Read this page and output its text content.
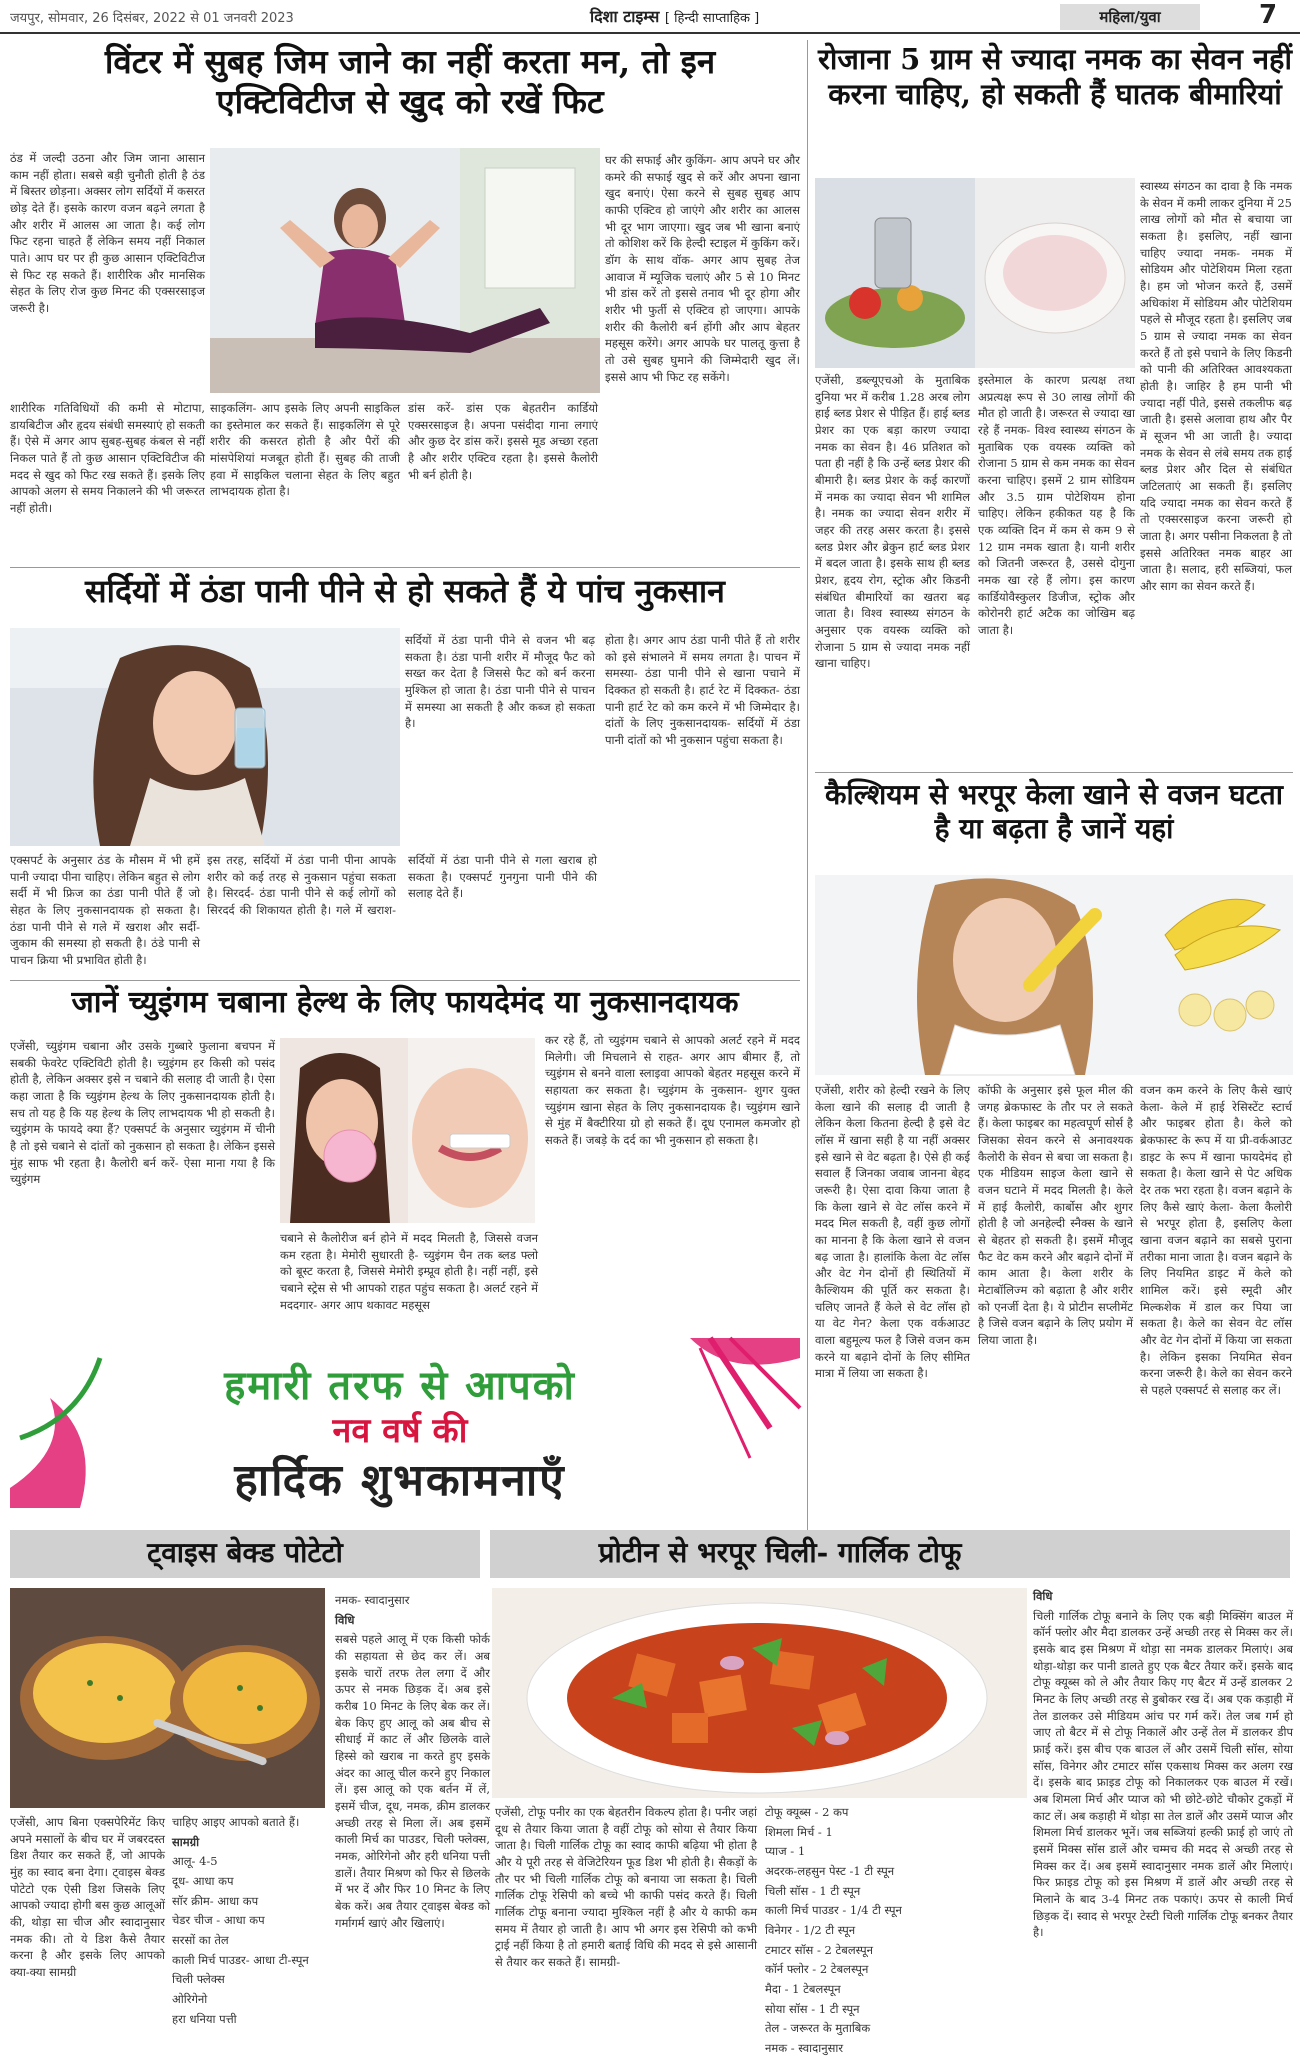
जयपुर, सोमवार, 26 दिसंबर, 2022 से 01 जनवरी 2023	दिशा टाइम्स [ हिन्दी साप्ताहिक ]	महिला/युवा	7
विंटर में सुबह जिम जाने का नहीं करता मन, तो इन एक्टिविटीज से खुद को रखें फिट

ठंड में जल्दी उठना और जिम जाना आसान काम नहीं होता। सबसे बड़ी चुनौती होती है ठंड में बिस्तर छोड़ना। अक्सर लोग सर्दियों में कसरत छोड़ देते हैं। इसके कारण वजन बढ़ने लगता है और शरीर में आलस आ जाता है। कई लोग फिट रहना चाहते हैं लेकिन समय नहीं निकाल पाते। आप घर पर ही कुछ आसान एक्टिविटीज से फिट रह सकते हैं। शारीरिक और मानसिक सेहत के लिए रोज कुछ मिनट की एक्सरसाइज जरूरी है।

घर की सफाई और कुकिंग- आप अपने घर और कमरे की सफाई खुद से करें और अपना खाना खुद बनाएं। ऐसा करने से सुबह सुबह आप काफी एक्टिव हो जाएंगे और शरीर का आलस भी दूर भाग जाएगा। खुद जब भी खाना बनाएं तो कोशिश करें कि हेल्दी स्टाइल में कुकिंग करें। डॉग के साथ वॉक- अगर आप सुबह तेज आवाज में म्यूजिक चलाएं और 5 से 10 मिनट भी डांस करें तो इससे तनाव भी दूर होगा और शरीर भी फुर्ती से एक्टिव हो जाएगा। आपके शरीर की कैलोरी बर्न होंगी और आप बेहतर महसूस करेंगे। अगर आपके घर पालतू कुत्ता है तो उसे सुबह घुमाने की जिम्मेदारी खुद लें। इससे आप भी फिट रह सकेंगे।

शारीरिक गतिविधियों की कमी से मोटापा, डायबिटीज और हृदय संबंधी समस्याएं हो सकती हैं। ऐसे में अगर आप सुबह-सुबह कंबल से नहीं निकल पाते हैं तो कुछ आसान एक्टिविटीज की मदद से खुद को फिट रख सकते हैं। इसके लिए आपको अलग से समय निकालने की भी जरूरत नहीं होती।

साइकलिंग- आप इसके लिए अपनी साइकिल का इस्तेमाल कर सकते हैं। साइकलिंग से पूरे शरीर की कसरत होती है और पैरों की मांसपेशियां मजबूत होती हैं। सुबह की ताजी हवा में साइकिल चलाना सेहत के लिए बहुत लाभदायक होता है।

डांस करें- डांस एक बेहतरीन कार्डियो एक्सरसाइज है। अपना पसंदीदा गाना लगाएं और कुछ देर डांस करें। इससे मूड अच्छा रहता है और शरीर एक्टिव रहता है। इससे कैलोरी भी बर्न होती है।

सर्दियों में ठंडा पानी पीने से हो सकते हैं ये पांच नुकसान

सर्दियों में ठंडा पानी पीने से वजन भी बढ़ सकता है। ठंडा पानी शरीर में मौजूद फैट को सख्त कर देता है जिससे फैट को बर्न करना मुश्किल हो जाता है। ठंडा पानी पीने से पाचन में समस्या आ सकती है और कब्ज हो सकता है।

होता है। अगर आप ठंडा पानी पीते हैं तो शरीर को इसे संभालने में समय लगता है। पाचन में समस्या- ठंडा पानी पीने से खाना पचाने में दिक्कत हो सकती है। हार्ट रेट में दिक्कत- ठंडा पानी हार्ट रेट को कम करने में भी जिम्मेदार है। दांतों के लिए नुकसानदायक- सर्दियों में ठंडा पानी दांतों को भी नुकसान पहुंचा सकता है।

एक्सपर्ट के अनुसार ठंड के मौसम में भी हमें पानी ज्यादा पीना चाहिए। लेकिन बहुत से लोग सर्दी में भी फ्रिज का ठंडा पानी पीते हैं जो सेहत के लिए नुकसानदायक हो सकता है। ठंडा पानी पीने से गले में खराश और सर्दी-जुकाम की समस्या हो सकती है। ठंडे पानी से पाचन क्रिया भी प्रभावित होती है।

इस तरह, सर्दियों में ठंडा पानी पीना आपके शरीर को कई तरह से नुकसान पहुंचा सकता है। सिरदर्द- ठंडा पानी पीने से कई लोगों को सिरदर्द की शिकायत होती है। गले में खराश- सर्दियों में ठंडा पानी पीने से गला खराब हो सकता है। एक्सपर्ट गुनगुना पानी पीने की सलाह देते हैं।

जानें च्युइंगम चबाना हेल्थ के लिए फायदेमंद या नुकसानदायक

एजेंसी, च्युइंगम चबाना और उसके गुब्बारे फुलाना बचपन में सबकी फेवरेट एक्टिविटी होती है। च्युइंगम हर किसी को पसंद होती है, लेकिन अक्सर इसे न चबाने की सलाह दी जाती है। ऐसा कहा जाता है कि च्युइंगम हेल्थ के लिए नुकसानदायक होती है। सच तो यह है कि यह हेल्थ के लिए लाभदायक भी हो सकती है। च्युइंगम के फायदे क्या हैं? एक्सपर्ट के अनुसार च्युइंगम में चीनी है तो इसे चबाने से दांतों को नुकसान हो सकता है। लेकिन इससे मुंह साफ भी रहता है। कैलोरी बर्न करें- ऐसा माना गया है कि च्युइंगम

कर रहे हैं, तो च्युइंगम चबाने से आपको अलर्ट रहने में मदद मिलेगी। जी मिचलाने से राहत- अगर आप बीमार हैं, तो च्युइंगम से बनने वाला स्लाइवा आपको बेहतर महसूस करने में सहायता कर सकता है। च्युइंगम के नुकसान- शुगर युक्त च्युइंगम खाना सेहत के लिए नुकसानदायक है। च्युइंगम खाने से मुंह में बैक्टीरिया ग्रो हो सकते हैं। दूध एनामल कमजोर हो सकते हैं। जबड़े के दर्द का भी नुकसान हो सकता है।

चबाने से कैलोरीज बर्न होने में मदद मिलती है, जिससे वजन कम रहता है। मेमोरी सुधारती है- च्युइंगम चैन तक ब्लड फ्लो को बूस्ट करता है, जिससे मेमोरी इम्प्रूव होती है। नहीं नहीं, इसे चबाने स्ट्रेस से भी आपको राहत पहुंच सकता है। अलर्ट रहने में मददगार- अगर आप थकावट महसूस

हमारी तरफ से आपको
नव वर्ष की
हार्दिक शुभकामनाएँ
रोजाना 5 ग्राम से ज्यादा नमक का सेवन नहीं करना चाहिए, हो सकती हैं घातक बीमारियां

स्वास्थ्य संगठन का दावा है कि नमक के सेवन में कमी लाकर दुनिया में 25 लाख लोगों को मौत से बचाया जा सकता है। इसलिए, नहीं खाना चाहिए ज्यादा नमक- नमक में सोडियम और पोटेशियम मिला रहता है। हम जो भोजन करते हैं, उसमें अधिकांश में सोडियम और पोटेशियम पहले से मौजूद रहता है। इसलिए जब 5 ग्राम से ज्यादा नमक का सेवन करते हैं तो इसे पचाने के लिए किडनी को पानी की अतिरिक्त आवश्यकता होती है। जाहिर है हम पानी भी ज्यादा नहीं पीते, इससे तकलीफ बढ़ जाती है। इससे अलावा हाथ और पैर में सूजन भी आ जाती है। ज्यादा नमक के सेवन से लंबे समय तक हाई ब्लड प्रेशर और दिल से संबंधित जटिलताएं आ सकती हैं। इसलिए यदि ज्यादा नमक का सेवन करते हैं तो एक्सरसाइज करना जरूरी हो जाता है। अगर पसीना निकलता है तो इससे अतिरिक्त नमक बाहर आ जाता है। सलाद, हरी सब्जियां, फल और साग का सेवन करते हैं।

एजेंसी, डब्ल्यूएचओ के मुताबिक दुनिया भर में करीब 1.28 अरब लोग हाई ब्लड प्रेशर से पीड़ित हैं। हाई ब्लड प्रेशर का एक बड़ा कारण ज्यादा नमक का सेवन है। 46 प्रतिशत को पता ही नहीं है कि उन्हें ब्लड प्रेशर की बीमारी है। ब्लड प्रेशर के कई कारणों में नमक का ज्यादा सेवन भी शामिल है। नमक का ज्यादा सेवन शरीर में जहर की तरह असर करता है। इससे ब्लड प्रेशर और ब्रेकुन हार्ट ब्लड प्रेशर में बदल जाता है। इसके साथ ही ब्लड प्रेशर, हृदय रोग, स्ट्रोक और किडनी संबंधित बीमारियों का खतरा बढ़ जाता है। विश्व स्वास्थ्य संगठन के अनुसार एक वयस्क व्यक्ति को रोजाना 5 ग्राम से ज्यादा नमक नहीं खाना चाहिए।

इस्तेमाल के कारण प्रत्यक्ष तथा अप्रत्यक्ष रूप से 30 लाख लोगों की मौत हो जाती है। जरूरत से ज्यादा खा रहे हैं नमक- विश्व स्वास्थ्य संगठन के मुताबिक एक वयस्क व्यक्ति को रोजाना 5 ग्राम से कम नमक का सेवन करना चाहिए। इसमें 2 ग्राम सोडियम और 3.5 ग्राम पोटेशियम होना चाहिए। लेकिन हकीकत यह है कि एक व्यक्ति दिन में कम से कम 9 से 12 ग्राम नमक खाता है। यानी शरीर को जितनी जरूरत है, उससे दोगुना नमक खा रहे हैं लोग। इस कारण कार्डियोवैस्कुलर डिजीज, स्ट्रोक और कोरोनरी हार्ट अटैक का जोखिम बढ़ जाता है।

कैल्शियम से भरपूर केला खाने से वजन घटता है या बढ़ता है जानें यहां

एजेंसी, शरीर को हेल्दी रखने के लिए केला खाने की सलाह दी जाती है लेकिन केला कितना हेल्दी है इसे वेट लॉस में खाना सही है या नहीं अक्सर इसे खाने से वेट बढ़ता है। ऐसे ही कई सवाल हैं जिनका जवाब जानना बेहद जरूरी है। ऐसा दावा किया जाता है कि केला खाने से वेट लॉस करने में मदद मिल सकती है, वहीं कुछ लोगों का मानना है कि केला खाने से वजन बढ़ जाता है। हालांकि केला वेट लॉस और वेट गेन दोनों ही स्थितियों में कैल्शियम की पूर्ति कर सकता है। चलिए जानते हैं केले से वेट लॉस हो या वेट गेन? केला एक वर्कआउट वाला बहुमूल्य फल है जिसे वजन कम करने या बढ़ाने दोनों के लिए सीमित मात्रा में लिया जा सकता है।

कॉफी के अनुसार इसे फूल मील की जगह ब्रेकफास्ट के तौर पर ले सकते हैं। केला फाइबर का महत्वपूर्ण सोर्स है जिसका सेवन करने से अनावश्यक कैलोरी के सेवन से बचा जा सकता है। एक मीडियम साइज केला खाने से वजन घटाने में मदद मिलती है। केले में हाई कैलोरी, कार्बोस और शुगर होती है जो अनहेल्दी स्नैक्स के खाने से बेहतर हो सकती है। इसमें मौजूद फैट वेट कम करने और बढ़ाने दोनों में काम आता है। केला शरीर के मेटाबॉलिज्म को बढ़ाता है और शरीर को एनर्जी देता है। ये प्रोटीन सप्लीमेंट है जिसे वजन बढ़ाने के लिए प्रयोग में लिया जाता है।

वजन कम करने के लिए कैसे खाएं केला- केले में हाई रेसिस्टेंट स्टार्च और फाइबर होता है। केले को ब्रेकफास्ट के रूप में या प्री-वर्कआउट डाइट के रूप में खाना फायदेमंद हो सकता है। केला खाने से पेट अधिक देर तक भरा रहता है। वजन बढ़ाने के लिए कैसे खाएं केला- केला कैलोरी से भरपूर होता है, इसलिए केला खाना वजन बढ़ाने का सबसे पुराना तरीका माना जाता है। वजन बढ़ाने के लिए नियमित डाइट में केले को शामिल करें। इसे स्मूदी और मिल्कशेक में डाल कर पिया जा सकता है। केले का सेवन वेट लॉस और वेट गेन दोनों में किया जा सकता है। लेकिन इसका नियमित सेवन करना जरूरी है। केले का सेवन करने से पहले एक्सपर्ट से सलाह कर लें।

ट्वाइस बेक्ड पोटेटो

नमक- स्वादानुसार

विधि

सबसे पहले आलू में एक किसी फोर्क की सहायता से छेद कर लें। अब इसके चारों तरफ तेल लगा दें और ऊपर से नमक छिड़क दें। अब इसे करीब 10 मिनट के लिए बेक कर लें। बेक किए हुए आलू को अब बीच से सीधाई में काट लें और छिलके वाले हिस्से को खराब ना करते हुए इसके अंदर का आलू चील करने हुए निकाल लें। इस आलू को एक बर्तन में लें, इसमें चीज, दूध, नमक, क्रीम डालकर अच्छी तरह से मिला लें। अब इसमें काली मिर्च का पाउडर, चिली फ्लेक्स, नमक, ओरिगेनो और हरी धनिया पत्ती डालें। तैयार मिश्रण को फिर से छिलके में भर दें और फिर 10 मिनट के लिए बेक करें। अब तैयार ट्वाइस बेक्ड को गर्मागर्म खाएं और खिलाएं।

एजेंसी, आप बिना एक्सपेरिमेंट किए अपने मसालों के बीच घर में जबरदस्त डिश तैयार कर सकते हैं, जो आपके मुंह का स्वाद बना देगा। ट्वाइस बेक्ड पोटेटो एक ऐसी डिश जिसके लिए आपको ज्यादा होगी बस कुछ आलूओं की, थोड़ा सा चीज और स्वादानुसार नमक की। तो ये डिश कैसे तैयार करना है और इसके लिए आपको क्या-क्या सामग्री

चाहिए आइए आपको बताते हैं।

सामग्री

आलू- 4-5

दूध- आधा कप

सॉर क्रीम- आधा कप

चेडर चीज - आधा कप

सरसों का तेल

काली मिर्च पाउडर- आधा टी-स्पून

चिली फ्लेक्स

ओरिगेनो

हरा धनिया पत्ती

प्रोटीन से भरपूर चिली- गार्लिक टोफू

विधि

चिली गार्लिक टोफू बनाने के लिए एक बड़ी मिक्सिंग बाउल में कॉर्न फ्लोर और मैदा डालकर उन्हें अच्छी तरह से मिक्स कर लें। इसके बाद इस मिश्रण में थोड़ा सा नमक डालकर मिलाएं। अब थोड़ा-थोड़ा कर पानी डालते हुए एक बैटर तैयार करें। इसके बाद टोफू क्यूब्स को ले और तैयार किए गए बैटर में उन्हें डालकर 2 मिनट के लिए अच्छी तरह से डुबोकर रख दें। अब एक कड़ाही में तेल डालकर उसे मीडियम आंच पर गर्म करें। तेल जब गर्म हो जाए तो बैटर में से टोफू निकालें और उन्हें तेल में डालकर डीप फ्राई करें। इस बीच एक बाउल लें और उसमें चिली सॉस, सोया सॉस, विनेगर और टमाटर सॉस एकसाथ मिक्स कर अलग रख दें। इसके बाद फ्राइड टोफू को निकालकर एक बाउल में रखें। अब शिमला मिर्च और प्याज को भी छोटे-छोटे चौकोर टुकड़ों में काट लें। अब कड़ाही में थोड़ा सा तेल डालें और उसमें प्याज और शिमला मिर्च डालकर भूनें। जब सब्जियां हल्की फ्राई हो जाएं तो इसमें मिक्स सॉस डालें और चम्मच की मदद से अच्छी तरह से मिक्स कर दें। अब इसमें स्वादानुसार नमक डालें और मिलाएं। फिर फ्राइड टोफू को इस मिश्रण में डालें और अच्छी तरह से मिलाने के बाद 3-4 मिनट तक पकाएं। ऊपर से काली मिर्च छिड़क दें। स्वाद से भरपूर टेस्टी चिली गार्लिक टोफू बनकर तैयार है।

एजेंसी, टोफू पनीर का एक बेहतरीन विकल्प होता है। पनीर जहां दूध से तैयार किया जाता है वहीं टोफू को सोया से तैयार किया जाता है। चिली गार्लिक टोफू का स्वाद काफी बढ़िया भी होता है और ये पूरी तरह से वेजिटेरियन फूड डिश भी होती है। सैकड़ों के तौर पर भी चिली गार्लिक टोफू को बनाया जा सकता है। चिली गार्लिक टोफू रेसिपी को बच्चे भी काफी पसंद करते हैं। चिली गार्लिक टोफू बनाना ज्यादा मुश्किल नहीं है और ये काफी कम समय में तैयार हो जाती है। आप भी अगर इस रेसिपी को कभी ट्राई नहीं किया है तो हमारी बताई विधि की मदद से इसे आसानी से तैयार कर सकते हैं। सामग्री-

टोफू क्यूब्स - 2 कप

शिमला मिर्च - 1

प्याज - 1

अदरक-लहसुन पेस्ट -1 टी स्पून

चिली सॉस - 1 टी स्पून

काली मिर्च पाउडर - 1/4 टी स्पून

विनेगर - 1/2 टी स्पून

टमाटर सॉस - 2 टेबलस्पून

कॉर्न फ्लोर - 2 टेबलस्पून

मैदा - 1 टेबलस्पून

सोया सॉस - 1 टी स्पून

तेल - जरूरत के मुताबिक

नमक - स्वादानुसार
